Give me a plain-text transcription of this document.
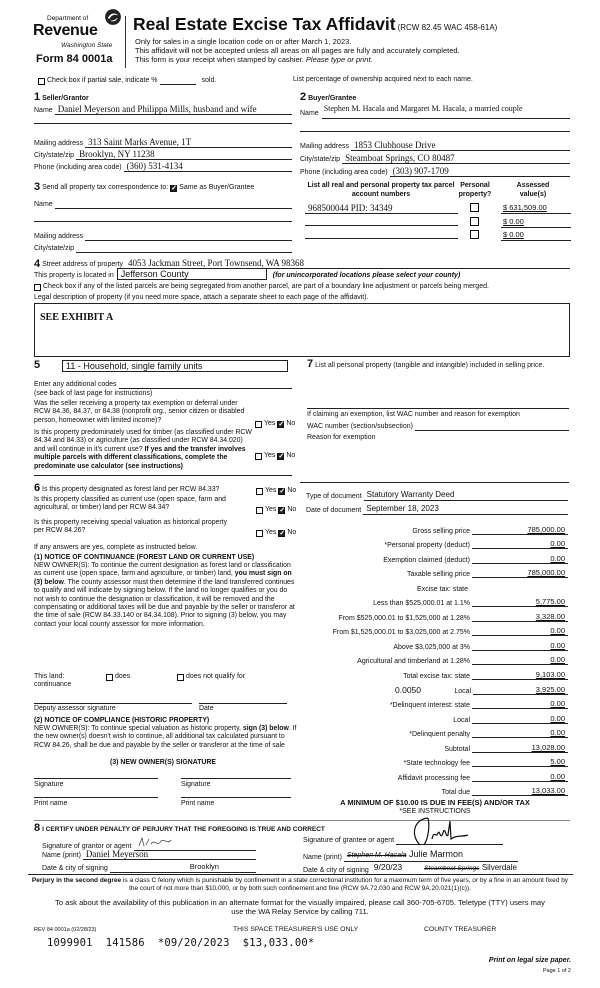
Department of
Revenue
Washington State
Form 84 0001a
Real Estate Excise Tax Affidavit (RCW 82.45 WAC 458-61A)
Only for sales in a single location code on or after March 1, 2023.
This affidavit will not be accepted unless all areas on all pages are fully and accurately completed.
This form is your receipt when stamped by cashier. Please type or print.
Check box if partial sale, indicate %	sold.	List percentage of ownership acquired next to each name.
1 Seller/Grantor
Name Daniel Meyerson and Philippa Mills, husband and wife
Mailing address 313 Saint Marks Avenue, 1T
City/state/zip Brooklyn, NY 11238
Phone (including area code) (360) 531-4134
2 Buyer/Grantee
Name
Stephen M. Hacala and Margaret M. Hacala, a married couple
Mailing address 1853 Clubhouse Drive
City/state/zip Steamboat Springs, CO 80487
Phone (including area code) (303) 907-1709
3
Send all property tax correspondence to: ✓ Same as Buyer/Grantee
Name
Mailing address
City/state/zip
List all real and personal property tax parcel account numbers
Personal property?
Assessed value(s)
968500044 PID: 34349	$ 631,509.00
$ 0.00
$ 0.00
4
Street address of property 4053 Jackman Street, Port Townsend, WA 98368
This property is located in Jefferson County	(for unincorporated locations please select your county)
Check box if any of the listed parcels are being segregated from another parcel, are part of a boundary line adjustment or parcels being merged.
Legal description of property (if you need more space, attach a separate sheet to each page of the affidavit).
SEE EXHIBIT A
5	11 - Household, single family units
Enter any additional codes
(see back of last page for instructions)
Was the seller receiving a property tax exemption or deferral under RCW 84.36, 84.37, or 84.38 (nonprofit org., senior citizen or disabled person, homeowner with limited income)?	Yes
✓ No
Is this property predominately used for timber (as classified under RCW 84.34 and 84.33) or agriculture (as classified under RCW 84.34.020) and will continue in it's current use? If yes and the transfer involves multiple parcels with different classifications, complete the predominate use calculator (see instructions)
Yes
✓ No
7 List all personal property (tangible and intangible) included in selling price.
If claiming an exemption, list WAC number and reason for exemption
WAC number (section/subsection)
Reason for exemption
6 Is this property designated as forest land per RCW 84.33?	Yes
✓ No
Is this property classified as current use (open space, farm and agricultural, or timber) land per RCW 84.34?	Yes
✓ No
Is this property receiving special valuation as historical property per RCW 84.26?	Yes
✓ No
If any answers are yes, complete as instructed below.
(1) NOTICE OF CONTINUANCE (FOREST LAND OR CURRENT USE)
NEW OWNER(S): To continue the current designation as forest land or classification as current use (open space, farm and agriculture, or timber) land, you must sign on (3) below. The county assessor must then determine if the land transferred continues to qualify and will indicate by signing below. If the land no longer qualifies or you do not wish to continue the designation or classification, it will be removed and the compensating or additional taxes will be due and payable by the seller or transferor at the time of sale (RCW 84.33.140 or 84.34.108). Prior to signing (3) below, you may contact your local county assessor for more information.
This land:	does	does not qualify for
continuance
Deputy assessor signature	Date
(2) NOTICE OF COMPLIANCE (HISTORIC PROPERTY)
NEW OWNER(S): To continue special valuation as historic property, sign (3) below. If the new owner(s) doesn't wish to continue, all additional tax calculated pursuant to RCW 84.26, shall be due and payable by the seller or transferor at the time of sale
(3) NEW OWNER(S) SIGNATURE
Signature	Signature
Print name	Print name
Type of document Statutory Warranty Deed
Date of document September 18, 2023
Gross selling price	785,000.00
*Personal property (deduct)	0.00
Exemption claimed (deduct)	0.00
Taxable selling price	785,000.00
Excise tax: state
Less than $525,000.01 at 1.1%	5,775.00
From $525,000.01 to $1,525,000 at 1.28%	3,328.00
From $1,525,000.01 to $3,025,000 at 2.75%	0.00
Above $3,025,000 at 3%	0.00
Agricultural and timberland at 1.28%	0.00
Total excise tax: state	9,103.00
0.0050	Local	3,925.00
*Delinquent interest: state	0.00
Local	0.00
*Delinquent penalty	0.00
Subtotal	13,028.00
*State technology fee	5.00
Affidavit processing fee	0.00
Total due	13,033.00
A MINIMUM OF $10.00 IS DUE IN FEE(S) AND/OR TAX
*SEE INSTRUCTIONS
8 I CERTIFY UNDER PENALTY OF PERJURY THAT THE FOREGOING IS TRUE AND CORRECT
Signature of grantor or agent
Name (print) Daniel Meyerson
Date & city of signing	Brooklyn
Signature of grantee or agent
Name (print) Stephen M. Hacala Julie Marmon
Date & city of signing 9/20/23	Steamboat Springs Silverdale
Perjury in the second degree is a class C felony which is punishable by confinement in a state correctional institution for a maximum term of five years, or by a fine in an amount fixed by the court of not more than $10,000, or by both such confinement and fine (RCW 9A.72.030 and RCW 9A.20.021(1)(c)).
To ask about the availability of this publication in an alternate format for the visually impaired, please call 360-705-6705. Teletype (TTY) users may use the WA Relay Service by calling 711.
REV 84 0001a (02/28/23)	THIS SPACE TREASURER'S USE ONLY	COUNTY TREASURER
1099901  141586  *09/20/2023  $13,033.00*
Print on legal size paper.
Page 1 of 2
